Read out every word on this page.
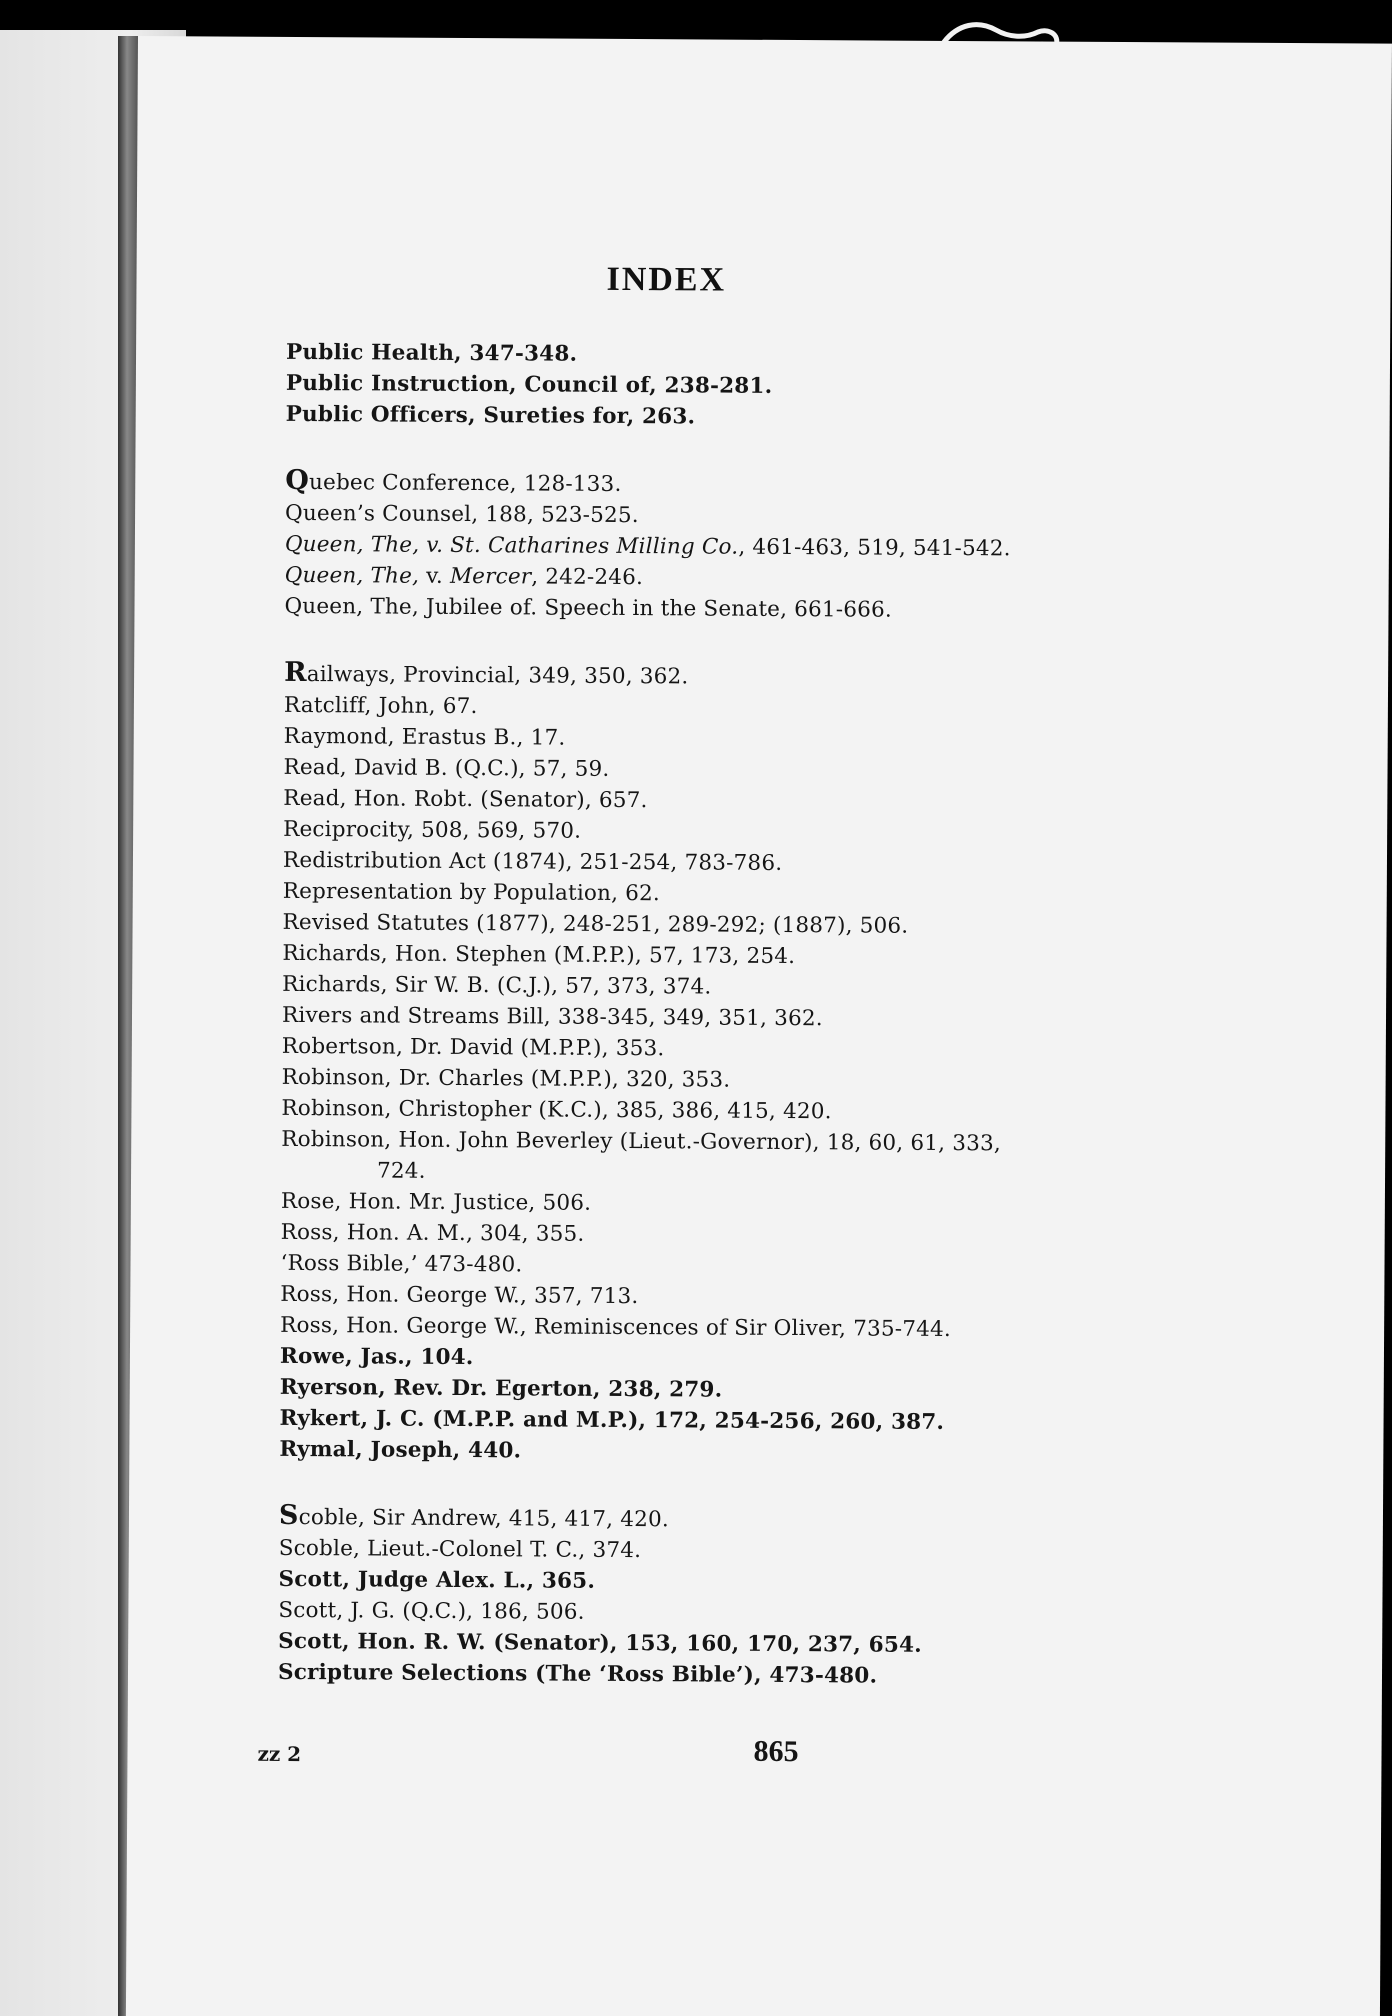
INDEX
Public Health, 347-348.
Public Instruction, Council of, 238-281.
Public Officers, Sureties for, 263.
Quebec Conference, 128-133.
Queen’s Counsel, 188, 523-525.
Queen, The, v. St. Catharines Milling Co., 461-463, 519, 541-542.
Queen, The, v. Mercer, 242-246.
Queen, The, Jubilee of. Speech in the Senate, 661-666.
Railways, Provincial, 349, 350, 362.
Ratcliff, John, 67.
Raymond, Erastus B., 17.
Read, David B. (Q.C.), 57, 59.
Read, Hon. Robt. (Senator), 657.
Reciprocity, 508, 569, 570.
Redistribution Act (1874), 251-254, 783-786.
Representation by Population, 62.
Revised Statutes (1877), 248-251, 289-292; (1887), 506.
Richards, Hon. Stephen (M.P.P.), 57, 173, 254.
Richards, Sir W. B. (C.J.), 57, 373, 374.
Rivers and Streams Bill, 338-345, 349, 351, 362.
Robertson, Dr. David (M.P.P.), 353.
Robinson, Dr. Charles (M.P.P.), 320, 353.
Robinson, Christopher (K.C.), 385, 386, 415, 420.
Robinson, Hon. John Beverley (Lieut.-Governor), 18, 60, 61, 333,
724.
Rose, Hon. Mr. Justice, 506.
Ross, Hon. A. M., 304, 355.
‘Ross Bible,’ 473-480.
Ross, Hon. George W., 357, 713.
Ross, Hon. George W., Reminiscences of Sir Oliver, 735-744.
Rowe, Jas., 104.
Ryerson, Rev. Dr. Egerton, 238, 279.
Rykert, J. C. (M.P.P. and M.P.), 172, 254-256, 260, 387.
Rymal, Joseph, 440.
Scoble, Sir Andrew, 415, 417, 420.
Scoble, Lieut.-Colonel T. C., 374.
Scott, Judge Alex. L., 365.
Scott, J. G. (Q.C.), 186, 506.
Scott, Hon. R. W. (Senator), 153, 160, 170, 237, 654.
Scripture Selections (The ‘Ross Bible’), 473-480.
zz 2	865
